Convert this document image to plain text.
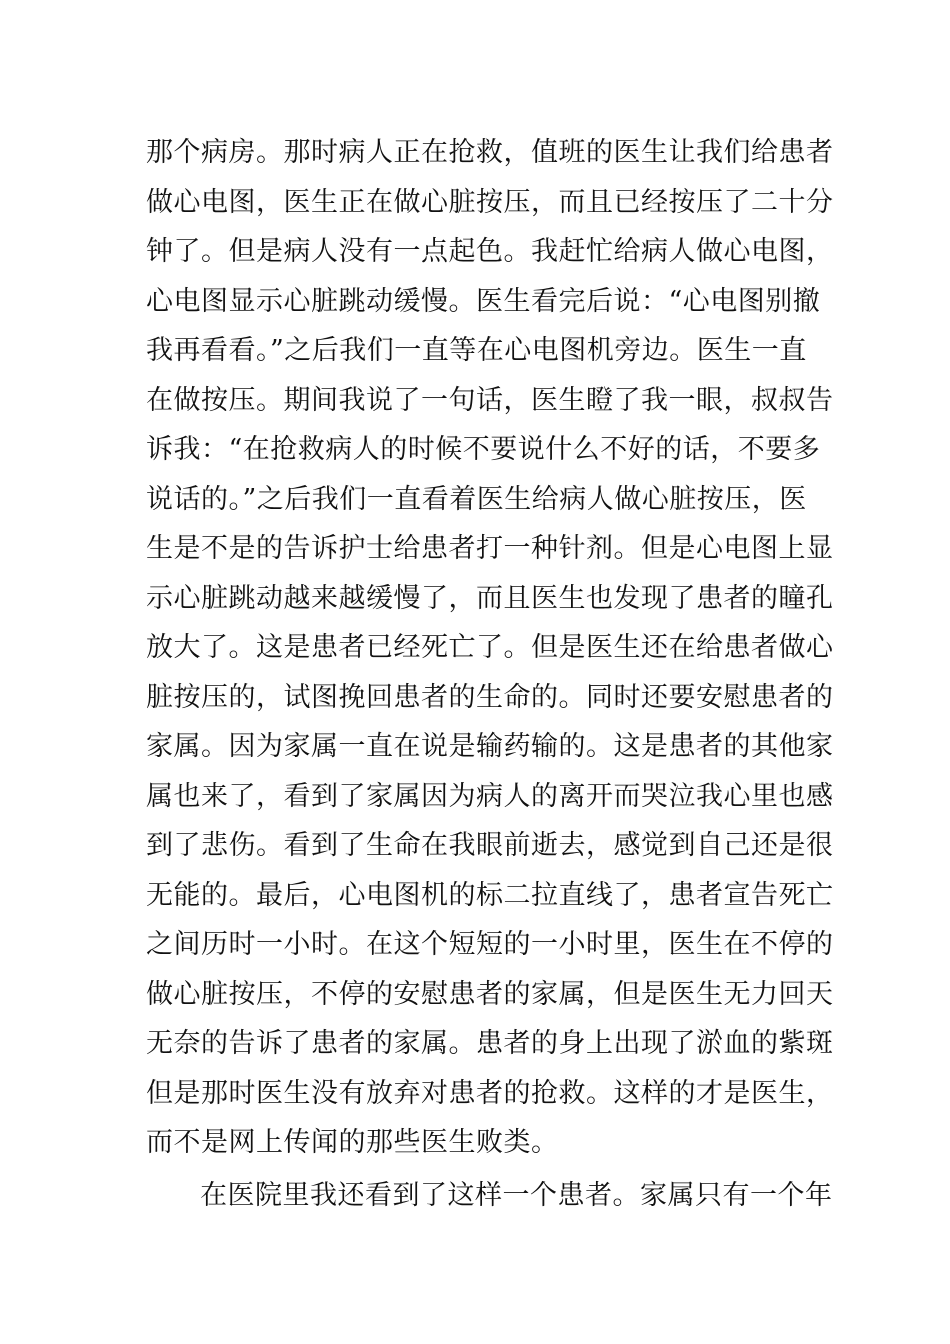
那个病房。那时病人正在抢救，值班的医生让我们给患者
做心电图，医生正在做心脏按压，而且已经按压了二十分
钟了。但是病人没有一点起色。我赶忙给病人做心电图，
心电图显示心脏跳动缓慢。医生看完后说：“心电图别撤
我再看看。”之后我们一直等在心电图机旁边。医生一直
在做按压。期间我说了一句话，医生瞪了我一眼，叔叔告
诉我：“在抢救病人的时候不要说什么不好的话，不要多
说话的。”之后我们一直看着医生给病人做心脏按压，医
生是不是的告诉护士给患者打一种针剂。但是心电图上显
示心脏跳动越来越缓慢了，而且医生也发现了患者的瞳孔
放大了。这是患者已经死亡了。但是医生还在给患者做心
脏按压的，试图挽回患者的生命的。同时还要安慰患者的
家属。因为家属一直在说是输药输的。这是患者的其他家
属也来了，看到了家属因为病人的离开而哭泣我心里也感
到了悲伤。看到了生命在我眼前逝去，感觉到自己还是很
无能的。最后，心电图机的标二拉直线了，患者宣告死亡
之间历时一小时。在这个短短的一小时里，医生在不停的
做心脏按压，不停的安慰患者的家属，但是医生无力回天
无奈的告诉了患者的家属。患者的身上出现了淤血的紫斑
但是那时医生没有放弃对患者的抢救。这样的才是医生，
而不是网上传闻的那些医生败类。
在医院里我还看到了这样一个患者。家属只有一个年
